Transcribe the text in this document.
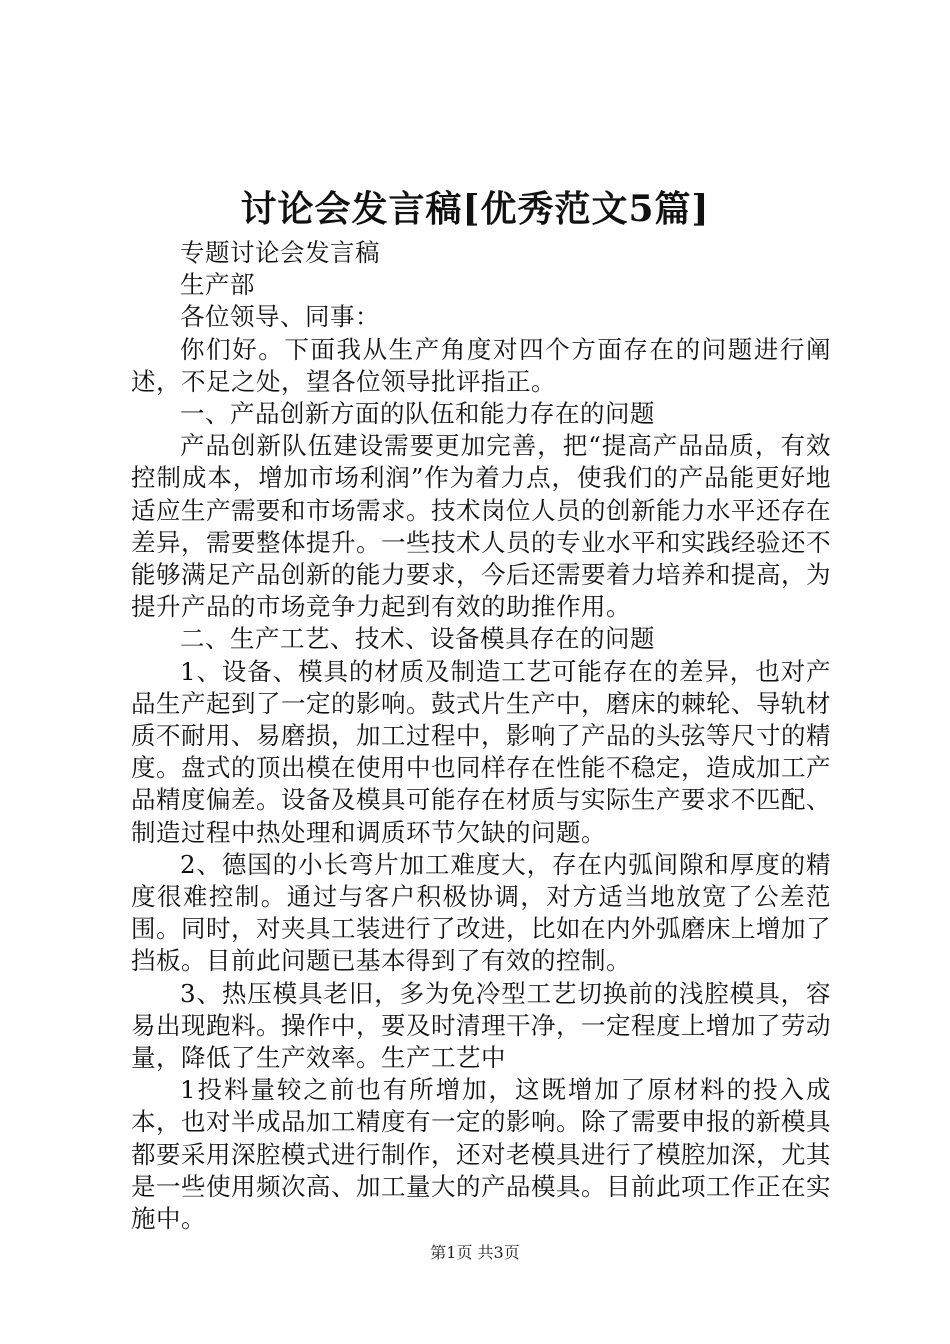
讨论会发言稿[优秀范文5篇]

专题讨论会发言稿

生产部

各位领导、同事：

你们好。下面我从生产角度对四个方面存在的问题进行阐述，不足之处，望各位领导批评指正。

一、产品创新方面的队伍和能力存在的问题

产品创新队伍建设需要更加完善，把“提高产品品质，有效控制成本，增加市场利润”作为着力点，使我们的产品能更好地适应生产需要和市场需求。技术岗位人员的创新能力水平还存在差异，需要整体提升。一些技术人员的专业水平和实践经验还不能够满足产品创新的能力要求，今后还需要着力培养和提高，为提升产品的市场竞争力起到有效的助推作用。

二、生产工艺、技术、设备模具存在的问题

1、设备、模具的材质及制造工艺可能存在的差异，也对产品生产起到了一定的影响。鼓式片生产中，磨床的棘轮、导轨材质不耐用、易磨损，加工过程中，影响了产品的头弦等尺寸的精度。盘式的顶出模在使用中也同样存在性能不稳定，造成加工产品精度偏差。设备及模具可能存在材质与实际生产要求不匹配、制造过程中热处理和调质环节欠缺的问题。

2、德国的小长弯片加工难度大，存在内弧间隙和厚度的精度很难控制。通过与客户积极协调，对方适当地放宽了公差范围。同时，对夹具工装进行了改进，比如在内外弧磨床上增加了挡板。目前此问题已基本得到了有效的控制。

3、热压模具老旧，多为免冷型工艺切换前的浅腔模具，容易出现跑料。操作中，要及时清理干净，一定程度上增加了劳动量，降低了生产效率。生产工艺中

1投料量较之前也有所增加，这既增加了原材料的投入成本，也对半成品加工精度有一定的影响。除了需要申报的新模具都要采用深腔模式进行制作，还对老模具进行了模腔加深，尤其是一些使用频次高、加工量大的产品模具。目前此项工作正在实施中。

第1页 共3页
